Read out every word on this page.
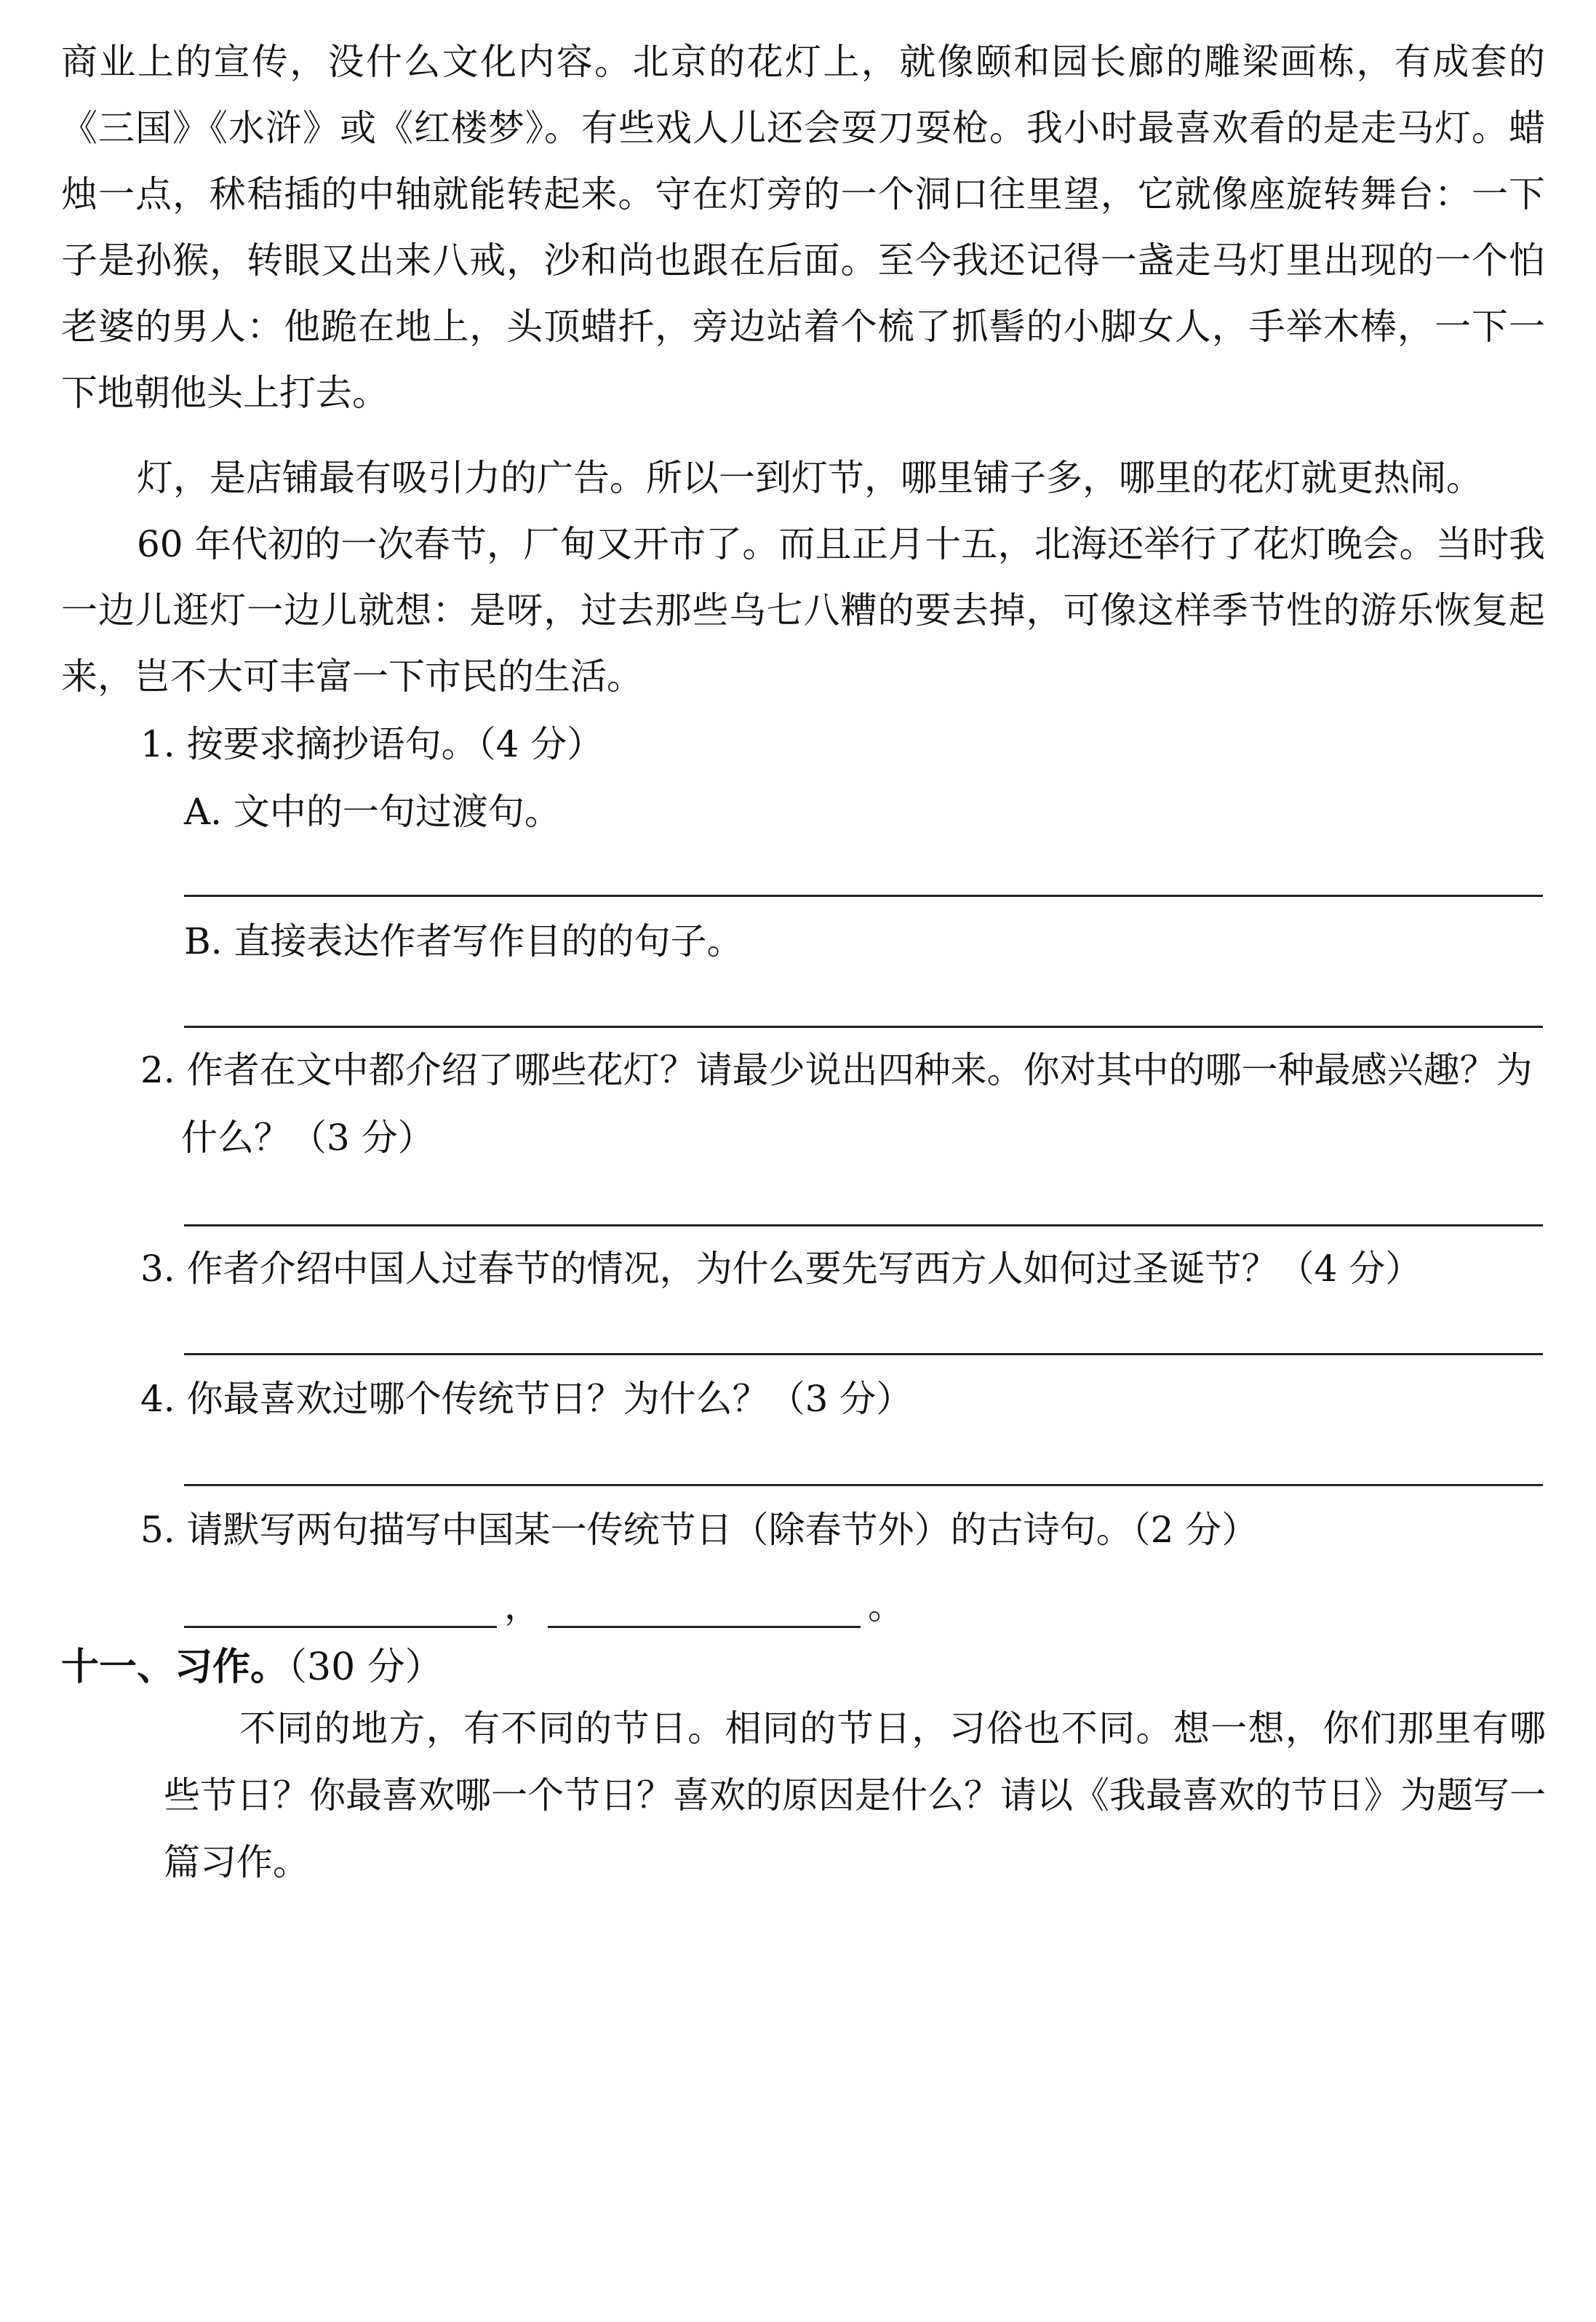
商业上的宣传，没什么文化内容。北京的花灯上，就像颐和园长廊的雕梁画栋，有成套的《三国》《水浒》或《红楼梦》。有些戏人儿还会耍刀耍枪。我小时最喜欢看的是走马灯。蜡烛一点，秫秸插的中轴就能转起来。守在灯旁的一个洞口往里望，它就像座旋转舞台：一下子是孙猴，转眼又出来八戒，沙和尚也跟在后面。至今我还记得一盏走马灯里出现的一个怕老婆的男人：他跪在地上，头顶蜡扦，旁边站着个梳了抓髻的小脚女人，手举木棒，一下一下地朝他头上打去。

灯，是店铺最有吸引力的广告。所以一到灯节，哪里铺子多，哪里的花灯就更热闹。

60 年代初的一次春节，厂甸又开市了。而且正月十五，北海还举行了花灯晚会。当时我一边儿逛灯一边儿就想：是呀，过去那些乌七八糟的要去掉，可像这样季节性的游乐恢复起来，岂不大可丰富一下市民的生活。

1. 按要求摘抄语句。（4 分）

A. 文中的一句过渡句。

B. 直接表达作者写作目的的句子。

2. 作者在文中都介绍了哪些花灯？请最少说出四种来。你对其中的哪一种最感兴趣？为什么？（3 分）

3. 作者介绍中国人过春节的情况，为什么要先写西方人如何过圣诞节？（4 分）

4. 你最喜欢过哪个传统节日？为什么？（3 分）

5. 请默写两句描写中国某一传统节日（除春节外）的古诗句。（2 分）

，	。
十一、习作。（30 分）

不同的地方，有不同的节日。相同的节日，习俗也不同。想一想，你们那里有哪些节日？你最喜欢哪一个节日？喜欢的原因是什么？请以《我最喜欢的节日》为题写一篇习作。
